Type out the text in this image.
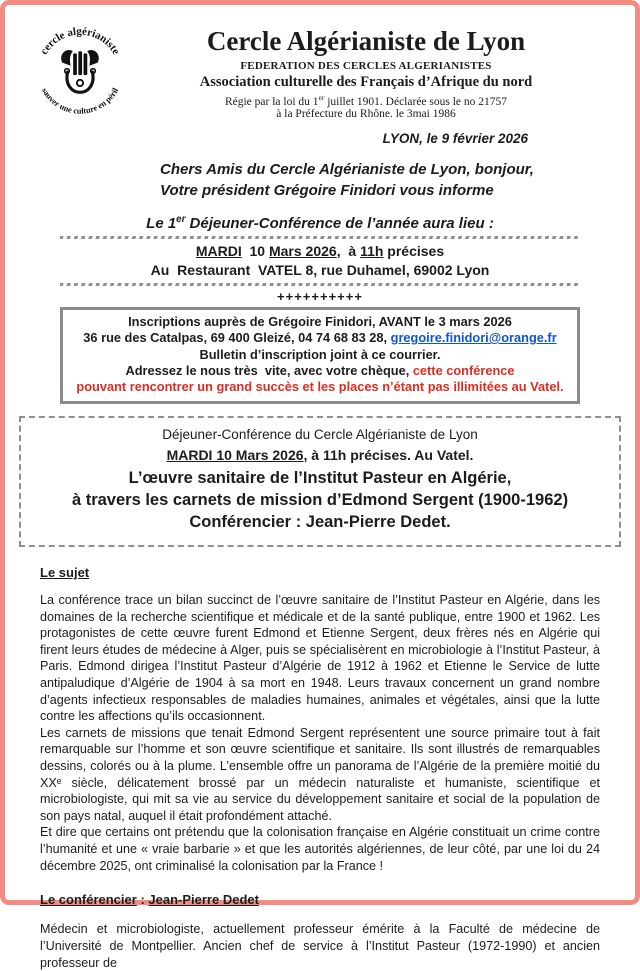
cercle algérianiste
sauver une culture en péril
Cercle Algérianiste de Lyon
FEDERATION DES CERCLES ALGERIANISTES
Association culturelle des Français d’Afrique du nord
Régie par la loi du 1er juillet 1901. Déclarée sous le no 21757
à la Préfecture du Rhône. le 3mai 1986
LYON, le 9 février 2026
Chers Amis du Cercle Algérianiste de Lyon, bonjour,
Votre président Grégoire Finidori vous informe
Le 1er Déjeuner-Conférence de l’année aura lieu :
MARDI  10 Mars 2026,  à 11h précises
Au  Restaurant  VATEL 8, rue Duhamel, 69002 Lyon
++++++++++
Inscriptions auprès de Grégoire Finidori, AVANT le 3 mars 2026
36 rue des Catalpas, 69 400 Gleizé, 04 74 68 83 28, gregoire.finidori@orange.fr
Bulletin d’inscription joint à ce courrier.
Adressez le nous très  vite, avec votre chèque, cette conférence
pouvant rencontrer un grand succès et les places n’étant pas illimitées au Vatel.
Déjeuner-Conférence du Cercle Algérianiste de Lyon
MARDI 10 Mars 2026, à 11h précises. Au Vatel.
L’œuvre sanitaire de l’Institut Pasteur en Algérie,
à travers les carnets de mission d’Edmond Sergent (1900-1962)
Conférencier : Jean-Pierre Dedet.
Le sujet

La conférence trace un bilan succinct de l’œuvre sanitaire de l’Institut Pasteur en Algérie, dans les domaines de la recherche scientifique et médicale et de la santé publique, entre 1900 et 1962. Les protagonistes de cette œuvre furent Edmond et Etienne Sergent, deux frères nés en Algérie qui firent leurs études de médecine à Alger, puis se spécialisèrent en microbiologie à l’Institut Pasteur, à Paris. Edmond dirigea l’Institut Pasteur d’Algérie de 1912 à 1962 et Etienne le Service de lutte antipaludique d’Algérie de 1904 à sa mort en 1948. Leurs travaux concernent un grand nombre d’agents infectieux responsables de maladies humaines, animales et végétales, ainsi que la lutte contre les affections qu’ils occasionnent.

Les carnets de missions que tenait Edmond Sergent représentent une source primaire tout à fait remarquable sur l’homme et son œuvre scientifique et sanitaire. Ils sont illustrés de remarquables dessins, colorés ou à la plume. L’ensemble offre un panorama de l’Algérie de la première moitié du XXᵉ siècle, délicatement brossé par un médecin naturaliste et humaniste, scientifique et microbiologiste, qui mit sa vie au service du développement sanitaire et social de la population de son pays natal, auquel il était profondément attaché.

Et dire que certains ont prétendu que la colonisation française en Algérie constituait un crime contre l’humanité et une « vraie barbarie » et que les autorités algériennes, de leur côté, par une loi du 24 décembre 2025, ont criminalisé la colonisation par la France !

Le conférencier : Jean-Pierre Dedet

Médecin et microbiologiste, actuellement professeur émérite à la Faculté de médecine de l’Université de Montpellier. Ancien chef de service à l’Institut Pasteur (1972-1990) et ancien professeur de
